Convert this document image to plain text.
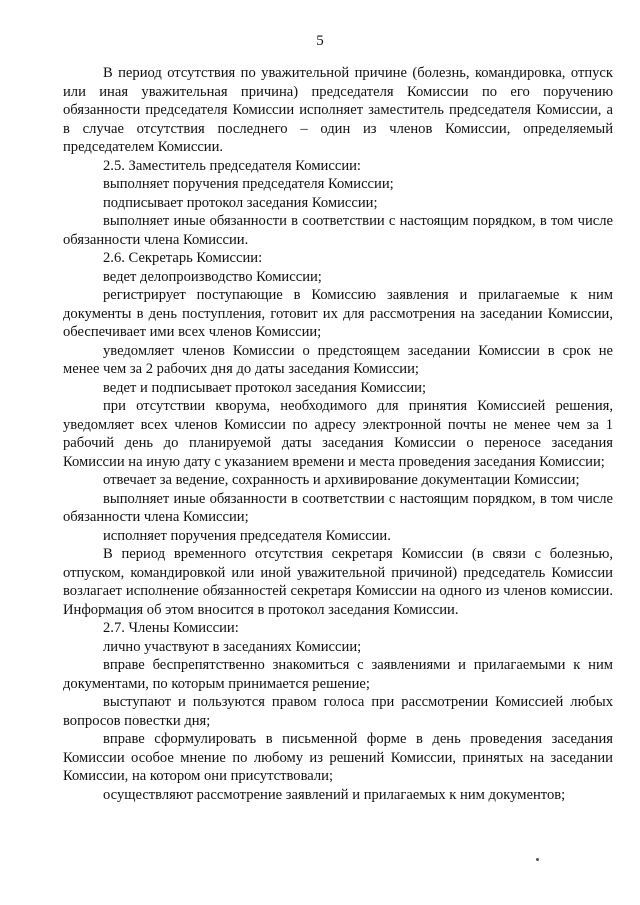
5

В период отсутствия по уважительной причине (болезнь, командировка, отпуск или иная уважительная причина) председателя Комиссии по его поручению обязанности председателя Комиссии исполняет заместитель председателя Комиссии, а в случае отсутствия последнего – один из членов Комиссии, определяемый председателем Комиссии.

2.5. Заместитель председателя Комиссии:

выполняет поручения председателя Комиссии;

подписывает протокол заседания Комиссии;

выполняет иные обязанности в соответствии с настоящим порядком, в том числе обязанности члена Комиссии.

2.6. Секретарь Комиссии:

ведет делопроизводство Комиссии;

регистрирует поступающие в Комиссию заявления и прилагаемые к ним документы в день поступления, готовит их для рассмотрения на заседании Комиссии, обеспечивает ими всех членов Комиссии;

уведомляет членов Комиссии о предстоящем заседании Комиссии в срок не менее чем за 2 рабочих дня до даты заседания Комиссии;

ведет и подписывает протокол заседания Комиссии;

при отсутствии кворума, необходимого для принятия Комиссией решения, уведомляет всех членов Комиссии по адресу электронной почты не менее чем за 1 рабочий день до планируемой даты заседания Комиссии о переносе заседания Комиссии на иную дату с указанием времени и места проведения заседания Комиссии;

отвечает за ведение, сохранность и архивирование документации Комиссии;

выполняет иные обязанности в соответствии с настоящим порядком, в том числе обязанности члена Комиссии;

исполняет поручения председателя Комиссии.

В период временного отсутствия секретаря Комиссии (в связи с болезнью, отпуском, командировкой или иной уважительной причиной) председатель Комиссии возлагает исполнение обязанностей секретаря Комиссии на одного из членов комиссии. Информация об этом вносится в протокол заседания Комиссии.

2.7. Члены Комиссии:

лично участвуют в заседаниях Комиссии;

вправе беспрепятственно знакомиться с заявлениями и прилагаемыми к ним документами, по которым принимается решение;

выступают и пользуются правом голоса при рассмотрении Комиссией любых вопросов повестки дня;

вправе сформулировать в письменной форме в день проведения заседания Комиссии особое мнение по любому из решений Комиссии, принятых на заседании Комиссии, на котором они присутствовали;

осуществляют рассмотрение заявлений и прилагаемых к ним документов;
